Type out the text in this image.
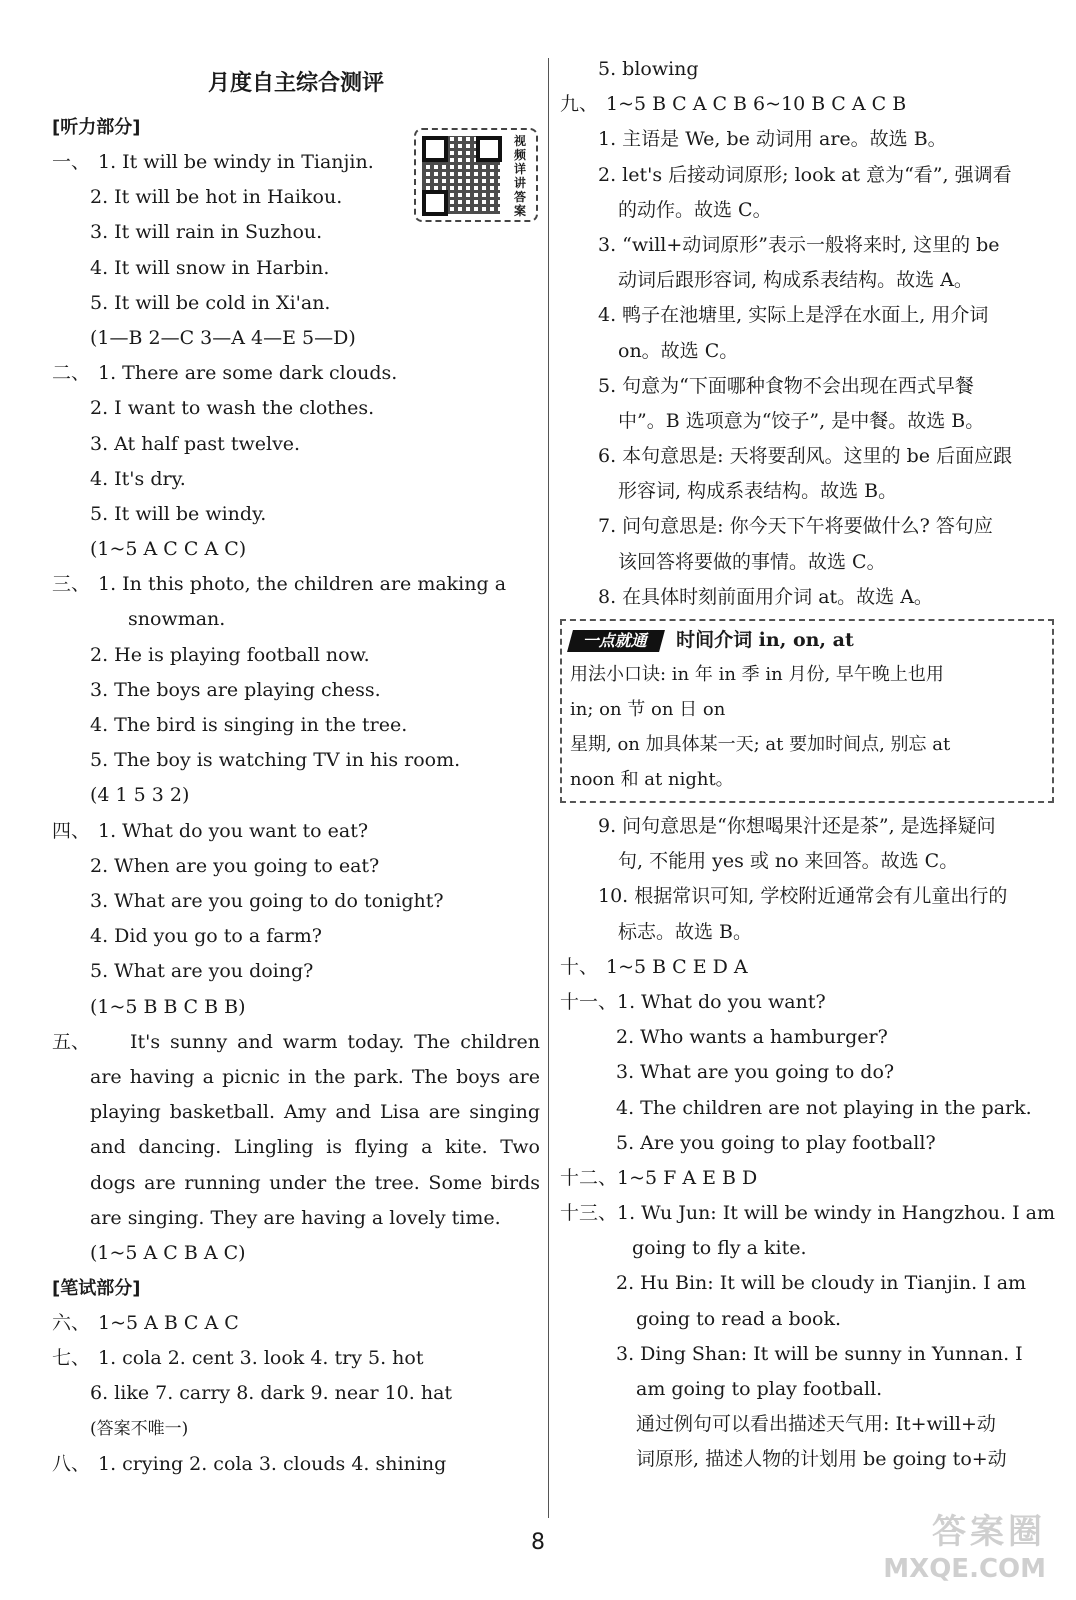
月度自主综合测评
视频详讲答案
[听力部分]
一、 1. It will be windy in Tianjin.
2. It will be hot in Haikou.
3. It will rain in Suzhou.
4. It will snow in Harbin.
5. It will be cold in Xi'an.
(1—B 2—C 3—A 4—E 5—D)
二、 1. There are some dark clouds.
2. I want to wash the clothes.
3. At half past twelve.
4. It's dry.
5. It will be windy.
(1~5 A C C A C)
三、 1. In this photo, the children are making a
snowman.
2. He is playing football now.
3. The boys are playing chess.
4. The bird is singing in the tree.
5. The boy is watching TV in his room.
(4 1 5 3 2)
四、 1. What do you want to eat?
2. When are you going to eat?
3. What are you going to do tonight?
4. Did you go to a farm?
5. What are you doing?
(1~5 B B C B B)
五、	It's sunny and warm today. The children are having a picnic in the park. The boys are playing basketball. Amy and Lisa are singing and dancing. Lingling is flying a kite. Two dogs are running under the tree. Some birds are singing. They are having a lovely time.
(1~5 A C B A C)
[笔试部分]
六、 1~5 A B C A C
七、 1. cola 2. cent 3. look 4. try 5. hot
6. like 7. carry 8. dark 9. near 10. hat
(答案不唯一)
八、 1. crying 2. cola 3. clouds 4. shining
5. blowing
九、 1~5 B C A C B 6~10 B C A C B
1. 主语是 We, be 动词用 are。故选 B。
2. let's 后接动词原形; look at 意为“看”, 强调看
的动作。故选 C。
3. “will+动词原形”表示一般将来时, 这里的 be
动词后跟形容词, 构成系表结构。故选 A。
4. 鸭子在池塘里, 实际上是浮在水面上, 用介词
on。故选 C。
5. 句意为“下面哪种食物不会出现在西式早餐
中”。B 选项意为“饺子”, 是中餐。故选 B。
6. 本句意思是: 天将要刮风。这里的 be 后面应跟
形容词, 构成系表结构。故选 B。
7. 问句意思是: 你今天下午将要做什么? 答句应
该回答将要做的事情。故选 C。
8. 在具体时刻前面用介词 at。故选 A。
一点就通 时间介词 in, on, at
用法小口诀: in 年 in 季 in 月份, 早午晚上也用
in; on 节 on 日 on
星期, on 加具体某一天; at 要加时间点, 别忘 at
noon 和 at night。
9. 问句意思是“你想喝果汁还是茶”, 是选择疑问
句, 不能用 yes 或 no 来回答。故选 C。
10. 根据常识可知, 学校附近通常会有儿童出行的
标志。故选 B。
十、 1~5 B C E D A
十一、1. What do you want?
2. Who wants a hamburger?
3. What are you going to do?
4. The children are not playing in the park.
5. Are you going to play football?
十二、1~5 F A E B D
十三、1. Wu Jun: It will be windy in Hangzhou. I am
going to fly a kite.
2. Hu Bin: It will be cloudy in Tianjin. I am
going to read a book.
3. Ding Shan: It will be sunny in Yunnan. I
am going to play football.
通过例句可以看出描述天气用: It+will+动
词原形, 描述人物的计划用 be going to+动
8	答案圈
MXQE.COM
